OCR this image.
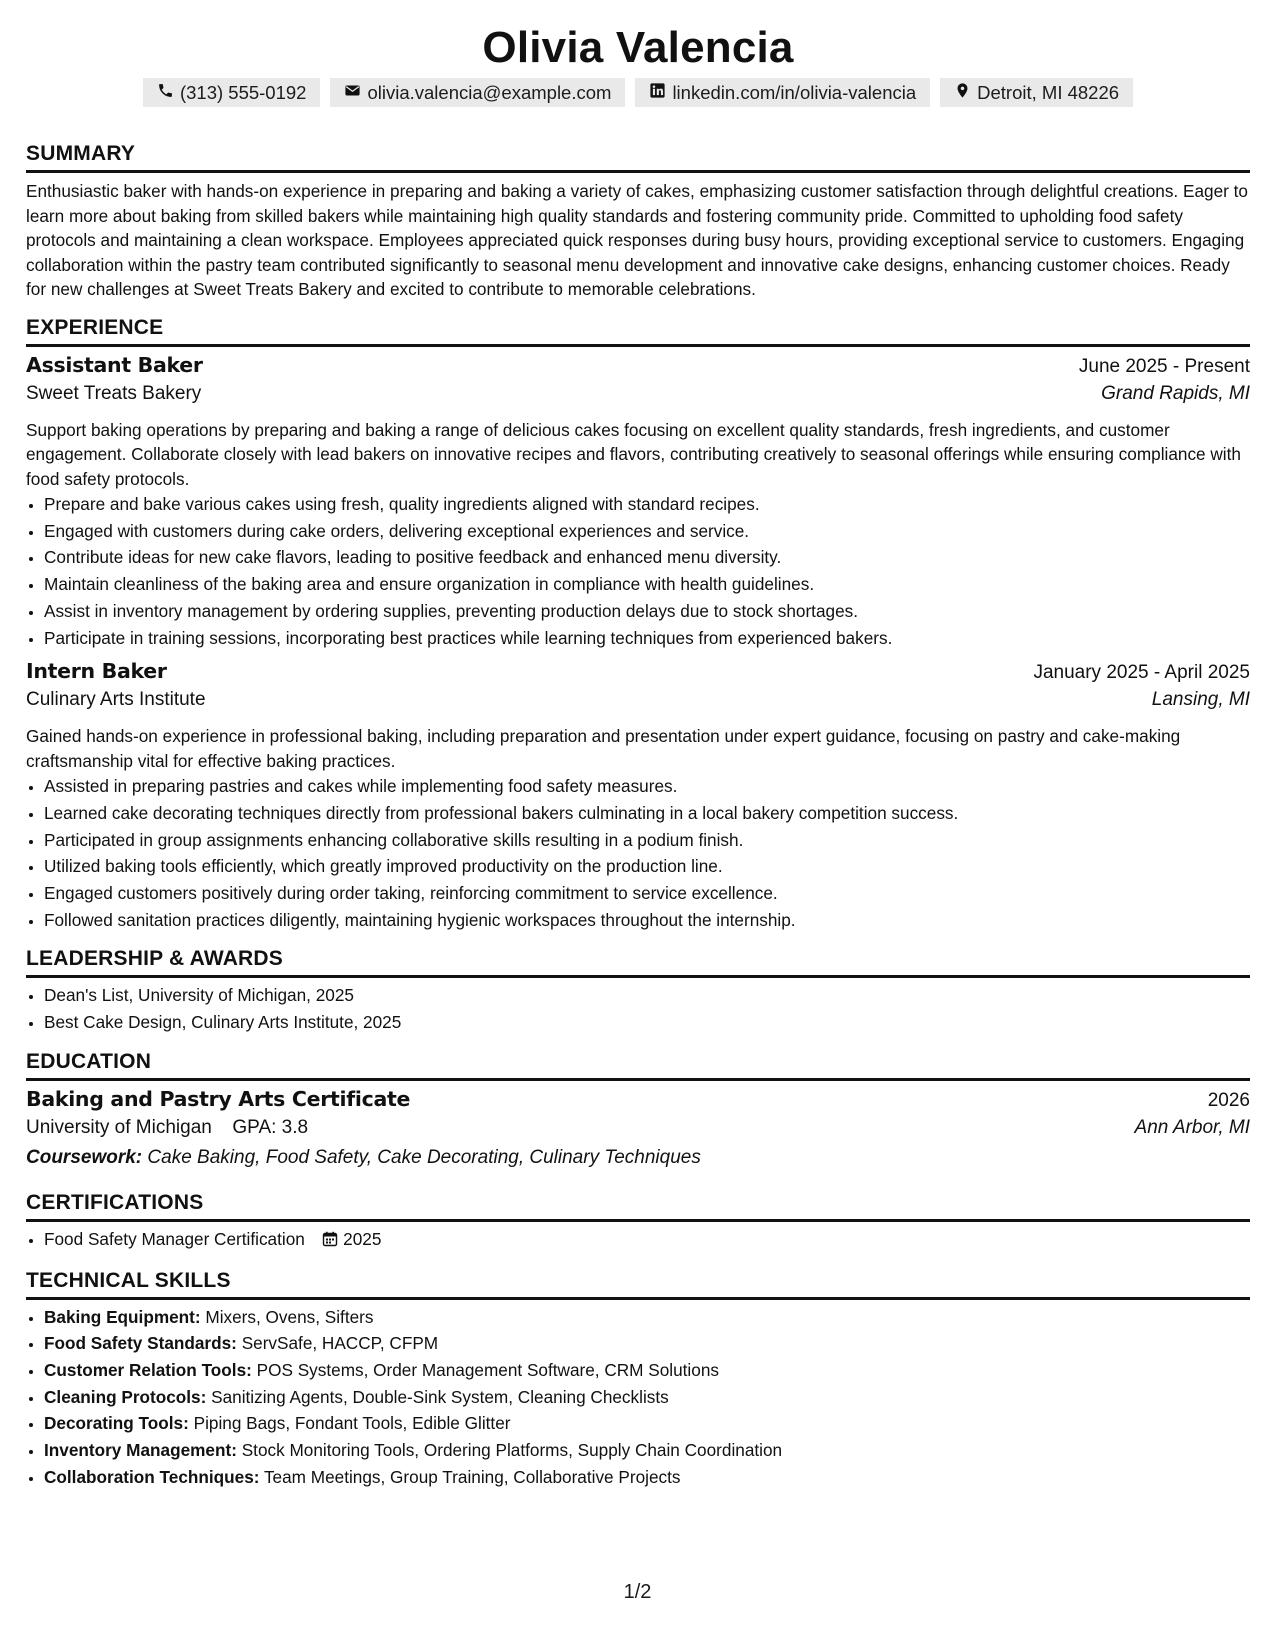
Olivia Valencia
(313) 555-0192	olivia.valencia@example.com	linkedin.com/in/olivia-valencia	Detroit, MI 48226
SUMMARY
Enthusiastic baker with hands-on experience in preparing and baking a variety of cakes, emphasizing customer satisfaction through delightful creations. Eager to learn more about baking from skilled bakers while maintaining high quality standards and fostering community pride. Committed to upholding food safety protocols and maintaining a clean workspace. Employees appreciated quick responses during busy hours, providing exceptional service to customers. Engaging collaboration within the pastry team contributed significantly to seasonal menu development and innovative cake designs, enhancing customer choices. Ready for new challenges at Sweet Treats Bakery and excited to contribute to memorable celebrations.
EXPERIENCE
Assistant Baker	June 2025 - Present
Sweet Treats Bakery	Grand Rapids, MI
Support baking operations by preparing and baking a range of delicious cakes focusing on excellent quality standards, fresh ingredients, and customer engagement. Collaborate closely with lead bakers on innovative recipes and flavors, contributing creatively to seasonal offerings while ensuring compliance with food safety protocols.
• Prepare and bake various cakes using fresh, quality ingredients aligned with standard recipes.
• Engaged with customers during cake orders, delivering exceptional experiences and service.
• Contribute ideas for new cake flavors, leading to positive feedback and enhanced menu diversity.
• Maintain cleanliness of the baking area and ensure organization in compliance with health guidelines.
• Assist in inventory management by ordering supplies, preventing production delays due to stock shortages.
• Participate in training sessions, incorporating best practices while learning techniques from experienced bakers.
Intern Baker	January 2025 - April 2025
Culinary Arts Institute	Lansing, MI
Gained hands-on experience in professional baking, including preparation and presentation under expert guidance, focusing on pastry and cake-making craftsmanship vital for effective baking practices.
• Assisted in preparing pastries and cakes while implementing food safety measures.
• Learned cake decorating techniques directly from professional bakers culminating in a local bakery competition success.
• Participated in group assignments enhancing collaborative skills resulting in a podium finish.
• Utilized baking tools efficiently, which greatly improved productivity on the production line.
• Engaged customers positively during order taking, reinforcing commitment to service excellence.
• Followed sanitation practices diligently, maintaining hygienic workspaces throughout the internship.
LEADERSHIP & AWARDS
• Dean's List, University of Michigan, 2025
• Best Cake Design, Culinary Arts Institute, 2025
EDUCATION
Baking and Pastry Arts Certificate	2026
University of Michigan GPA: 3.8	Ann Arbor, MI
Coursework: Cake Baking, Food Safety, Cake Decorating, Culinary Techniques
CERTIFICATIONS
• Food Safety Manager Certification 2025
TECHNICAL SKILLS
• Baking Equipment: Mixers, Ovens, Sifters
• Food Safety Standards: ServSafe, HACCP, CFPM
• Customer Relation Tools: POS Systems, Order Management Software, CRM Solutions
• Cleaning Protocols: Sanitizing Agents, Double-Sink System, Cleaning Checklists
• Decorating Tools: Piping Bags, Fondant Tools, Edible Glitter
• Inventory Management: Stock Monitoring Tools, Ordering Platforms, Supply Chain Coordination
• Collaboration Techniques: Team Meetings, Group Training, Collaborative Projects
1/2
